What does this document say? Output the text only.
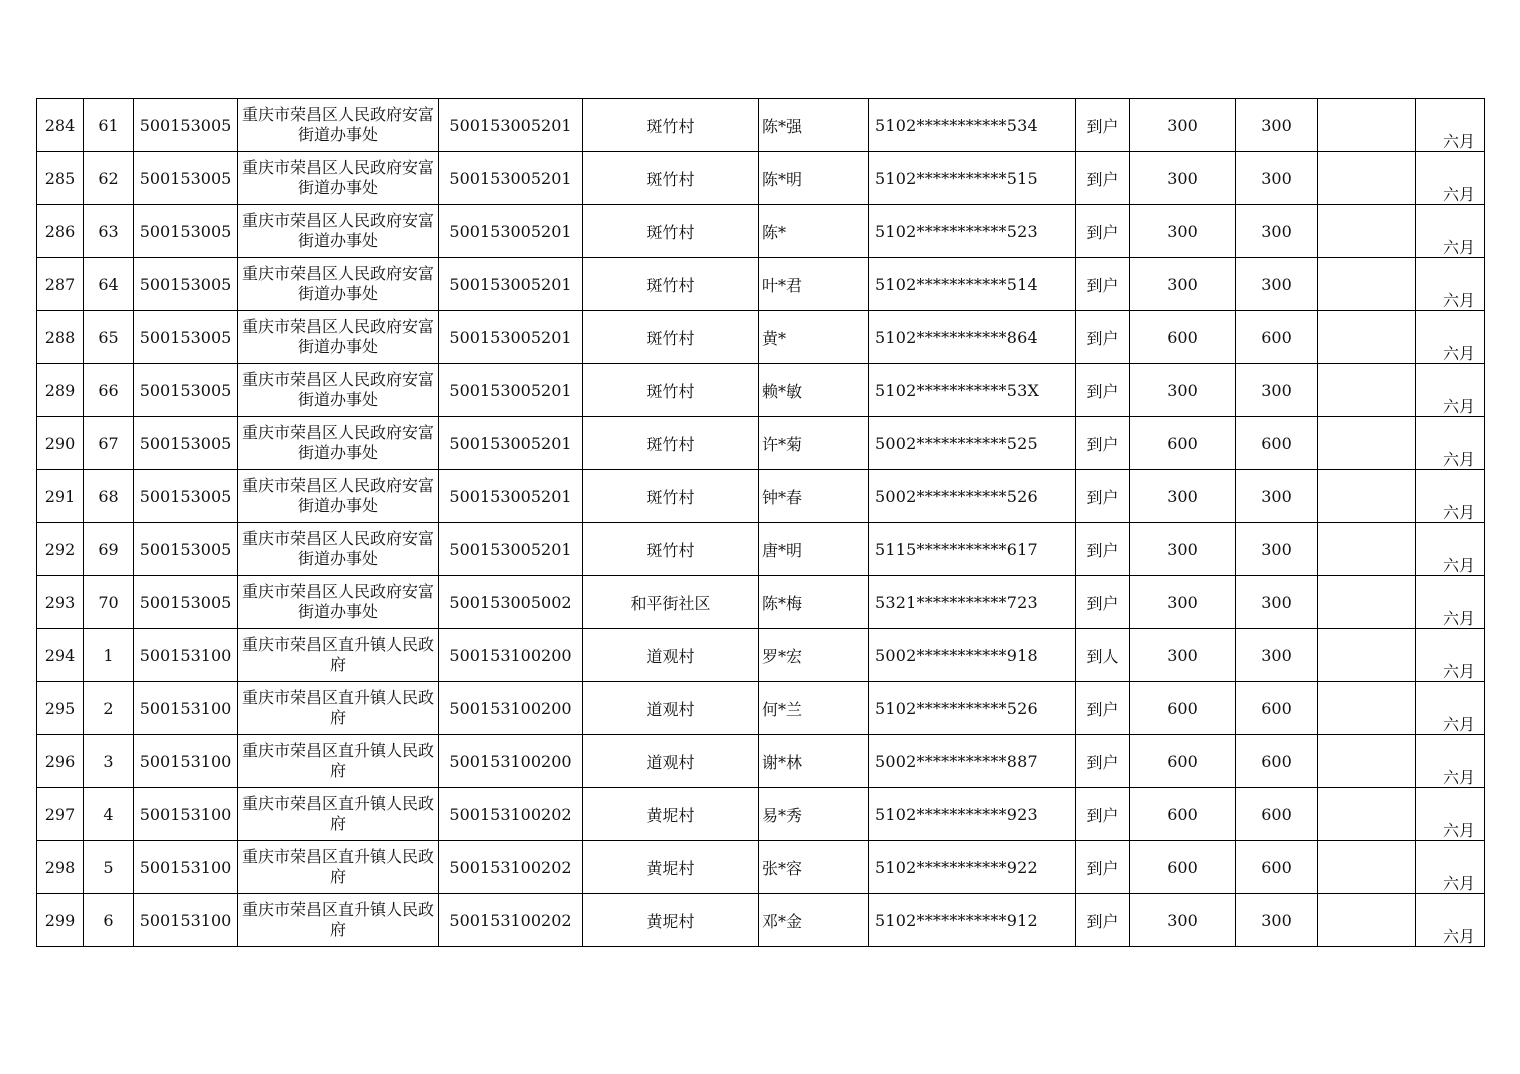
284	61	500153005	重庆市荣昌区人民政府安富街道办事处	500153005201	斑竹村	陈*强	5102***********534	到户	300	300		六月
285	62	500153005	重庆市荣昌区人民政府安富街道办事处	500153005201	斑竹村	陈*明	5102***********515	到户	300	300		六月
286	63	500153005	重庆市荣昌区人民政府安富街道办事处	500153005201	斑竹村	陈*	5102***********523	到户	300	300		六月
287	64	500153005	重庆市荣昌区人民政府安富街道办事处	500153005201	斑竹村	叶*君	5102***********514	到户	300	300		六月
288	65	500153005	重庆市荣昌区人民政府安富街道办事处	500153005201	斑竹村	黄*	5102***********864	到户	600	600		六月
289	66	500153005	重庆市荣昌区人民政府安富街道办事处	500153005201	斑竹村	赖*敏	5102***********53X	到户	300	300		六月
290	67	500153005	重庆市荣昌区人民政府安富街道办事处	500153005201	斑竹村	许*菊	5002***********525	到户	600	600		六月
291	68	500153005	重庆市荣昌区人民政府安富街道办事处	500153005201	斑竹村	钟*春	5002***********526	到户	300	300		六月
292	69	500153005	重庆市荣昌区人民政府安富街道办事处	500153005201	斑竹村	唐*明	5115***********617	到户	300	300		六月
293	70	500153005	重庆市荣昌区人民政府安富街道办事处	500153005002	和平街社区	陈*梅	5321***********723	到户	300	300		六月
294	1	500153100	重庆市荣昌区直升镇人民政府	500153100200	道观村	罗*宏	5002***********918	到人	300	300		六月
295	2	500153100	重庆市荣昌区直升镇人民政府	500153100200	道观村	何*兰	5102***********526	到户	600	600		六月
296	3	500153100	重庆市荣昌区直升镇人民政府	500153100200	道观村	谢*林	5002***********887	到户	600	600		六月
297	4	500153100	重庆市荣昌区直升镇人民政府	500153100202	黄坭村	易*秀	5102***********923	到户	600	600		六月
298	5	500153100	重庆市荣昌区直升镇人民政府	500153100202	黄坭村	张*容	5102***********922	到户	600	600		六月
299	6	500153100	重庆市荣昌区直升镇人民政府	500153100202	黄坭村	邓*金	5102***********912	到户	300	300		六月
